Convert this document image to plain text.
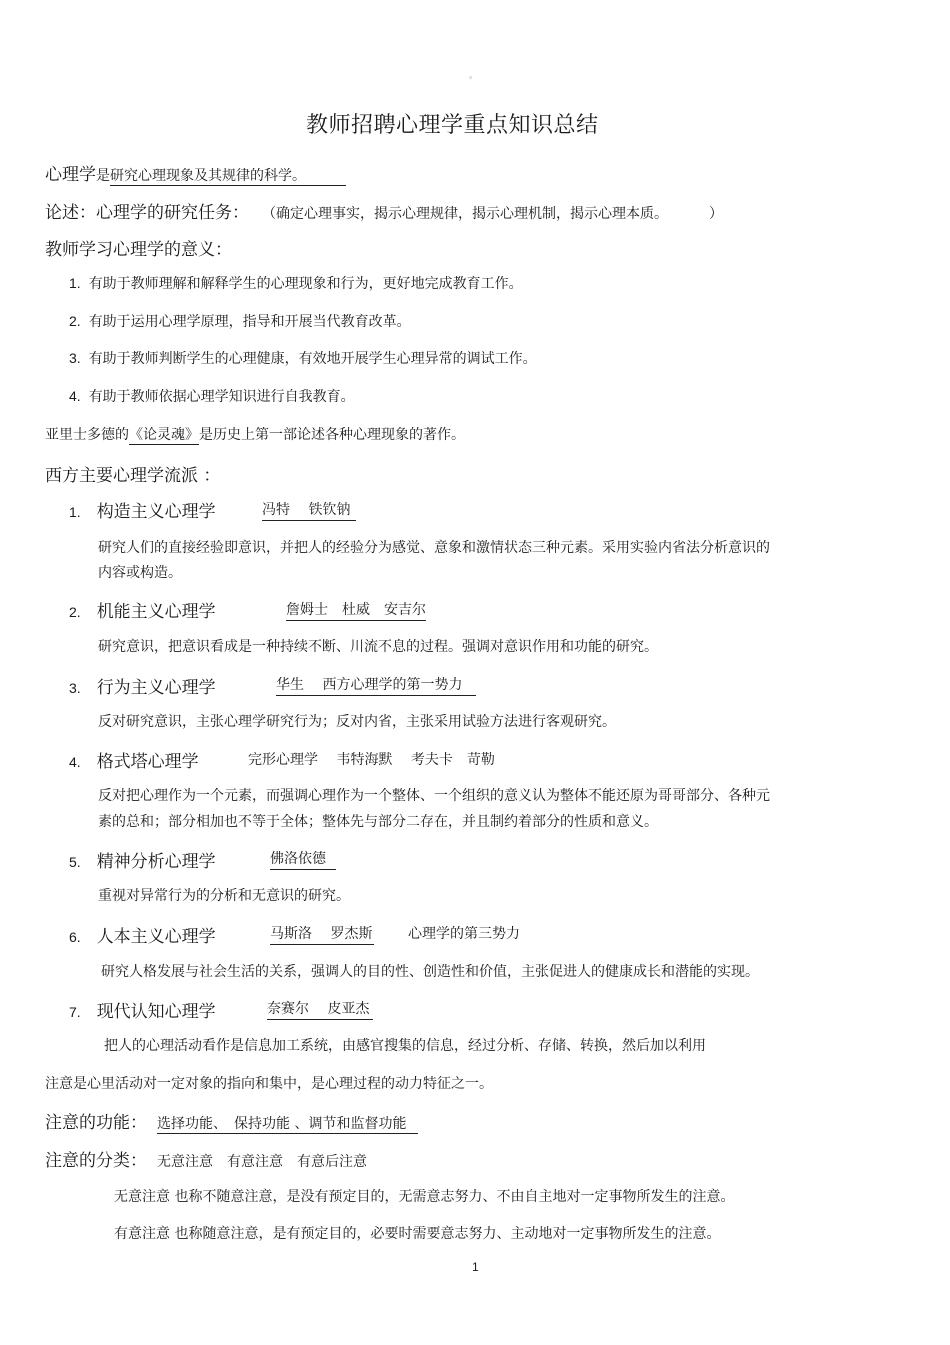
。
教师招聘心理学重点知识总结
心理学是研究心理现象及其规律的科学。
论述：心理学的研究任务： （确定心理事实，揭示心理规律，揭示心理机制，揭示心理本质。	）
教师学习心理学的意义：
1. 有助于教师理解和解释学生的心理现象和行为，更好地完成教育工作。
2. 有助于运用心理学原理，指导和开展当代教育改革。
3. 有助于教师判断学生的心理健康，有效地开展学生心理异常的调试工作。
4. 有助于教师依据心理学知识进行自我教育。
亚里士多德的《论灵魂》是历史上第一部论述各种心理现象的著作。
西方主要心理学流派 ：
1. 构造主义心理学	冯特　 铁钦钠
研究人们的直接经验即意识，并把人的经验分为感觉、意象和激情状态三种元素。采用实验内省法分析意识的
内容或构造。
2. 机能主义心理学	詹姆士　杜威　安吉尔
研究意识，把意识看成是一种持续不断、川流不息的过程。强调对意识作用和功能的研究。
3. 行为主义心理学	华生　 西方心理学的第一势力
反对研究意识，主张心理学研究行为；反对内省，主张采用试验方法进行客观研究。
4. 格式塔心理学	完形心理学　 韦特海默　 考夫卡　苛勒
反对把心理作为一个元素，而强调心理作为一个整体、一个组织的意义认为整体不能还原为哥哥部分、各种元
素的总和；部分相加也不等于全体；整体先与部分二存在，并且制约着部分的性质和意义。
5. 精神分析心理学	佛洛依德
重视对异常行为的分析和无意识的研究。
6. 人本主义心理学	马斯洛　 罗杰斯	心理学的第三势力
研究人格发展与社会生活的关系，强调人的目的性、创造性和价值，主张促进人的健康成长和潜能的实现。
7. 现代认知心理学	奈赛尔　 皮亚杰
把人的心理活动看作是信息加工系统，由感官搜集的信息，经过分析、存储、转换，然后加以利用
注意是心里活动对一定对象的指向和集中，是心理过程的动力特征之一。
注意的功能： 选择功能、　保持功能 、调节和监督功能
注意的分类： 无意注意　有意注意　有意后注意
无意注意 也称不随意注意，是没有预定目的，无需意志努力、不由自主地对一定事物所发生的注意。
有意注意 也称随意注意，是有预定目的，必要时需要意志努力、主动地对一定事物所发生的注意。
1
